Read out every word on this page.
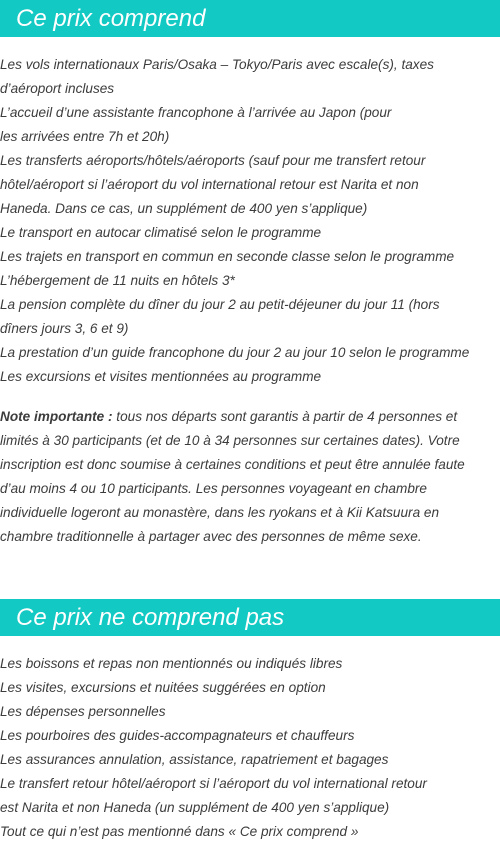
Ce prix comprend
Les vols internationaux Paris/Osaka – Tokyo/Paris avec escale(s), taxes
d’aéroport incluses
L’accueil d’une assistante francophone à l’arrivée au Japon (pour
les arrivées entre 7h et 20h)
Les transferts aéroports/hôtels/aéroports (sauf pour me transfert retour
hôtel/aéroport si l’aéroport du vol international retour est Narita et non
Haneda. Dans ce cas, un supplément de 400 yen s’applique)
Le transport en autocar climatisé selon le programme
Les trajets en transport en commun en seconde classe selon le programme
L’hébergement de 11 nuits en hôtels 3*
La pension complète du dîner du jour 2 au petit-déjeuner du jour 11 (hors
dîners jours 3, 6 et 9)
La prestation d’un guide francophone du jour 2 au jour 10 selon le programme
Les excursions et visites mentionnées au programme

Note importante : tous nos départs sont garantis à partir de 4 personnes et limités à 30 participants (et de 10 à 34 personnes sur certaines dates). Votre inscription est donc soumise à certaines conditions et peut être annulée faute d’au moins 4 ou 10 participants. Les personnes voyageant en chambre individuelle logeront au monastère, dans les ryokans et à Kii Katsuura en chambre traditionnelle à partager avec des personnes de même sexe.

Ce prix ne comprend pas
Les boissons et repas non mentionnés ou indiqués libres
Les visites, excursions et nuitées suggérées en option
Les dépenses personnelles
Les pourboires des guides-accompagnateurs et chauffeurs
Les assurances annulation, assistance, rapatriement et bagages
Le transfert retour hôtel/aéroport si l’aéroport du vol international retour
est Narita et non Haneda (un supplément de 400 yen s’applique)
Tout ce qui n’est pas mentionné dans « Ce prix comprend »
